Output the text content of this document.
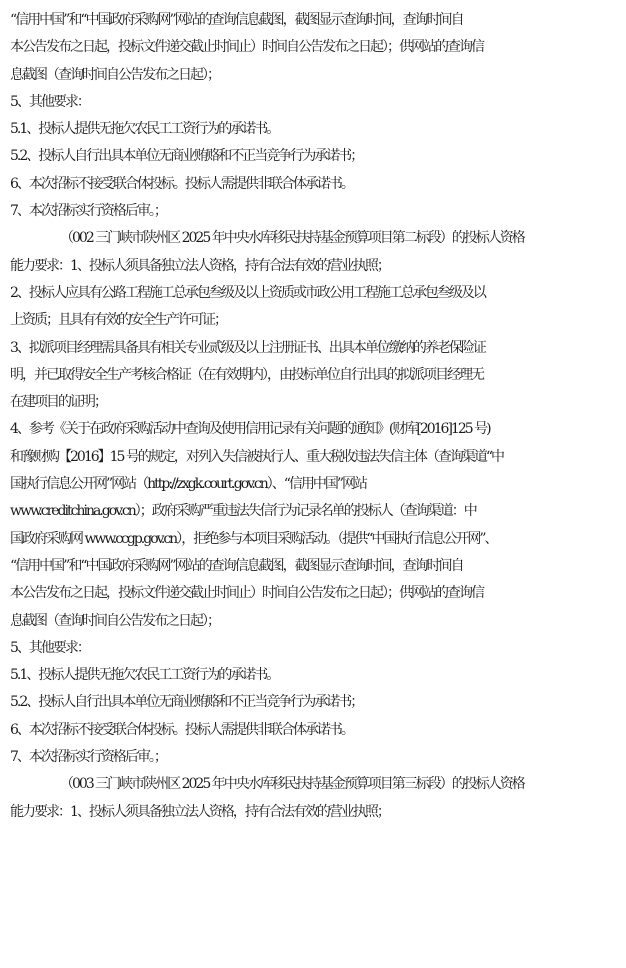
“信用中国”和“中国政府采购网”网站的查询信息截图，截图显示查询时间，查询时间自
本公告发布之日起，投标文件递交截止时间止）时间自公告发布之日起）；供网站的查询信
息截图（查询时间自公告发布之日起）；
5、其他要求：
5.1、投标人提供无拖欠农民工工资行为的承诺书。
5.2、投标人自行出具本单位无商业贿赂和不正当竞争行为承诺书；
6、本次招标不接受联合体投标。投标人需提供非联合体承诺书。
7、本次招标实行资格后审。；
（002 三门峡市陕州区 2025 年中央水库移民扶持基金预算项目第二标段）的投标人资格
能力要求：1、投标人须具备独立法人资格，持有合法有效的营业执照；
2、投标人应具有公路工程施工总承包叁级及以上资质或市政公用工程施工总承包叁级及以
上资质；且具有有效的安全生产许可证；
3、拟派项目经理需具备具有相关专业贰级及以上注册证书、出具本单位缴纳的养老保险证
明，并已取得安全生产考核合格证（在有效期内），由投标单位自行出具的拟派项目经理无
在建项目的证明；
4、参考《关于在政府采购活动中查询及使用信用记录有关问题的通知》(财库[2016]125 号)
和豫财购【2016】15 号的规定，对列入失信被执行人、重大税收违法失信主体（查询渠道“中
国执行信息公开网”网站（http://zxgk.court.gov.cn）、“信用中国”网站
www.creditchina.gov.cn）；政府采购严重违法失信行为记录名单的投标人（查询渠道：中
国政府采购网 www.ccgp.gov.cn），拒绝参与本项目采购活动。（提供“中国执行信息公开网”、
“信用中国”和“中国政府采购网”网站的查询信息截图，截图显示查询时间，查询时间自
本公告发布之日起，投标文件递交截止时间止）时间自公告发布之日起）；供网站的查询信
息截图（查询时间自公告发布之日起）；
5、其他要求：
5.1、投标人提供无拖欠农民工工资行为的承诺书。
5.2、投标人自行出具本单位无商业贿赂和不正当竞争行为承诺书；
6、本次招标不接受联合体投标。投标人需提供非联合体承诺书。
7、本次招标实行资格后审。；
（003 三门峡市陕州区 2025 年中央水库移民扶持基金预算项目第三标段）的投标人资格
能力要求：1、投标人须具备独立法人资格，持有合法有效的营业执照；
